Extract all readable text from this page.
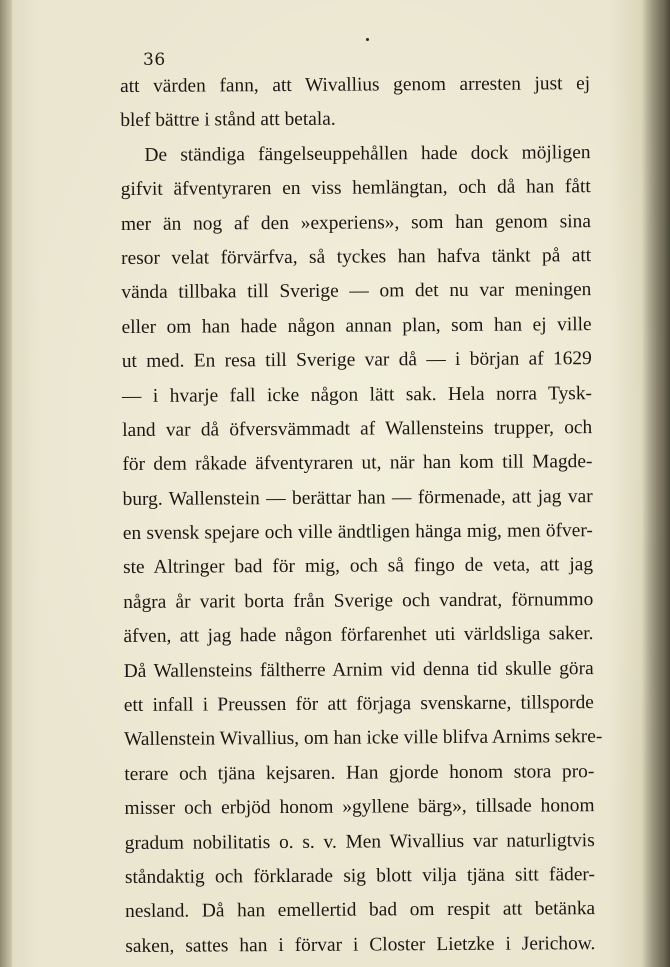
36
att värden fann, att Wivallius genom arresten just ej
blef bättre i stånd att betala.
De ständiga fängelseuppehållen hade dock möjligen
gifvit äfventyraren en viss hemlängtan, och då han fått
mer än nog af den »experiens», som han genom sina
resor velat förvärfva, så tyckes han hafva tänkt på att
vända tillbaka till Sverige — om det nu var meningen
eller om han hade någon annan plan, som han ej ville
ut med. En resa till Sverige var då — i början af 1629
— i hvarje fall icke någon lätt sak. Hela norra Tysk-
land var då öfversvämmadt af Wallensteins trupper, och
för dem råkade äfventyraren ut, när han kom till Magde-
burg. Wallenstein — berättar han — förmenade, att jag var
en svensk spejare och ville ändtligen hänga mig, men öfver-
ste Altringer bad för mig, och så fingo de veta, att jag
några år varit borta från Sverige och vandrat, förnummo
äfven, att jag hade någon förfarenhet uti världsliga saker.
Då Wallensteins fältherre Arnim vid denna tid skulle göra
ett infall i Preussen för att förjaga svenskarne, tillsporde
Wallenstein Wivallius, om han icke ville blifva Arnims sekre-
terare och tjäna kejsaren. Han gjorde honom stora pro-
misser och erbjöd honom »gyllene bärg», tillsade honom
gradum nobilitatis o. s. v. Men Wivallius var naturligtvis
ståndaktig och förklarade sig blott vilja tjäna sitt fäder-
nesland. Då han emellertid bad om respit att betänka
saken, sattes han i förvar i Closter Lietzke i Jerichow.
